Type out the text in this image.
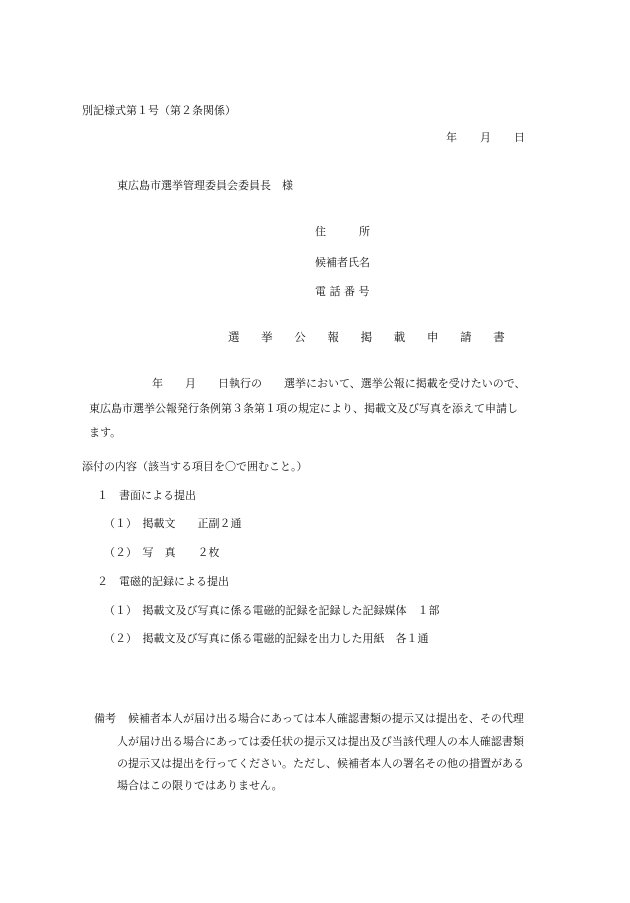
別記様式第１号（第２条関係）
年 月 日
東広島市選挙管理委員会委員長　様
住　　　所
候補者氏名
電 話 番 号
選 挙 公 報 掲 載 申 請 書
年　　月　　日執行の　　選挙において、選挙公報に掲載を受けたいので、
東広島市選挙公報発行条例第３条第１項の規定により、掲載文及び写真を添えて申請し
ます。
添付の内容（該当する項目を〇で囲むこと。）
１　書面による提出
（１）　掲載文　　正副２通
（２）　写　真　　２枚
２　電磁的記録による提出
（１）　掲載文及び写真に係る電磁的記録を記録した記録媒体　１部
（２）　掲載文及び写真に係る電磁的記録を出力した用紙　各１通
備考 候補者本人が届け出る場合にあっては本人確認書類の提示又は提出を、その代理
人が届け出る場合にあっては委任状の提示又は提出及び当該代理人の本人確認書類
の提示又は提出を行ってください。ただし、候補者本人の署名その他の措置がある
場合はこの限りではありません。
